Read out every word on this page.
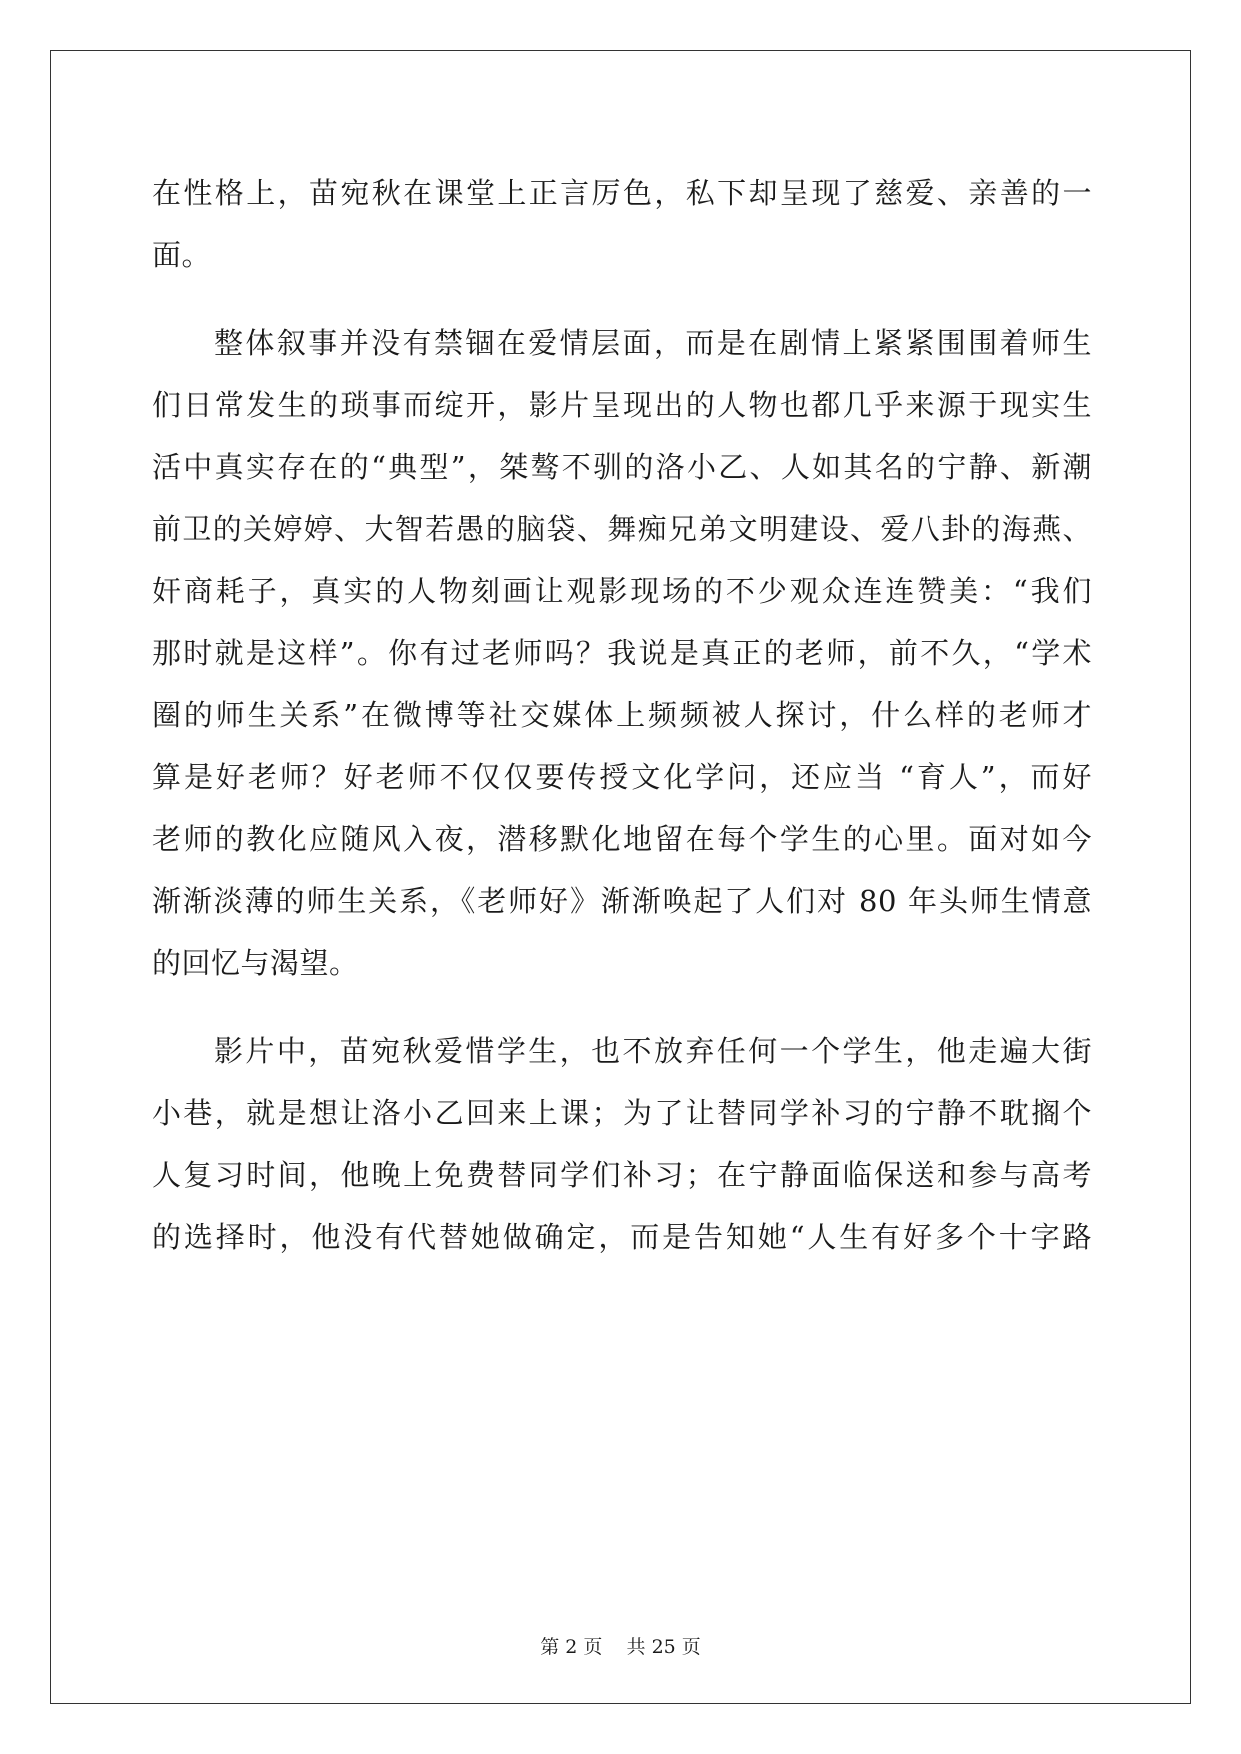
在性格上，苗宛秋在课堂上正言厉色，私下却呈现了慈爱、亲善的一
面。
整体叙事并没有禁锢在爱情层面，而是在剧情上紧紧围围着师生
们日常发生的琐事而绽开，影片呈现出的人物也都几乎来源于现实生
活中真实存在的“典型”，桀骜不驯的洛小乙、人如其名的宁静、新潮
前卫的关婷婷、大智若愚的脑袋、舞痴兄弟文明建设、爱八卦的海燕、
奸商耗子，真实的人物刻画让观影现场的不少观众连连赞美：“我们
那时就是这样”。你有过老师吗？我说是真正的老师，前不久，“学术
圈的师生关系”在微博等社交媒体上频频被人探讨，什么样的老师才
算是好老师？好老师不仅仅要传授文化学问，还应当 “育人”，而好
老师的教化应随风入夜，潜移默化地留在每个学生的心里。面对如今
渐渐淡薄的师生关系，《老师好》渐渐唤起了人们对 80 年头师生情意
的回忆与渴望。
影片中，苗宛秋爱惜学生，也不放弃任何一个学生，他走遍大街
小巷，就是想让洛小乙回来上课；为了让替同学补习的宁静不耽搁个
人复习时间，他晚上免费替同学们补习；在宁静面临保送和参与高考
的选择时，他没有代替她做确定，而是告知她“人生有好多个十字路
第 2 页    共 25 页
